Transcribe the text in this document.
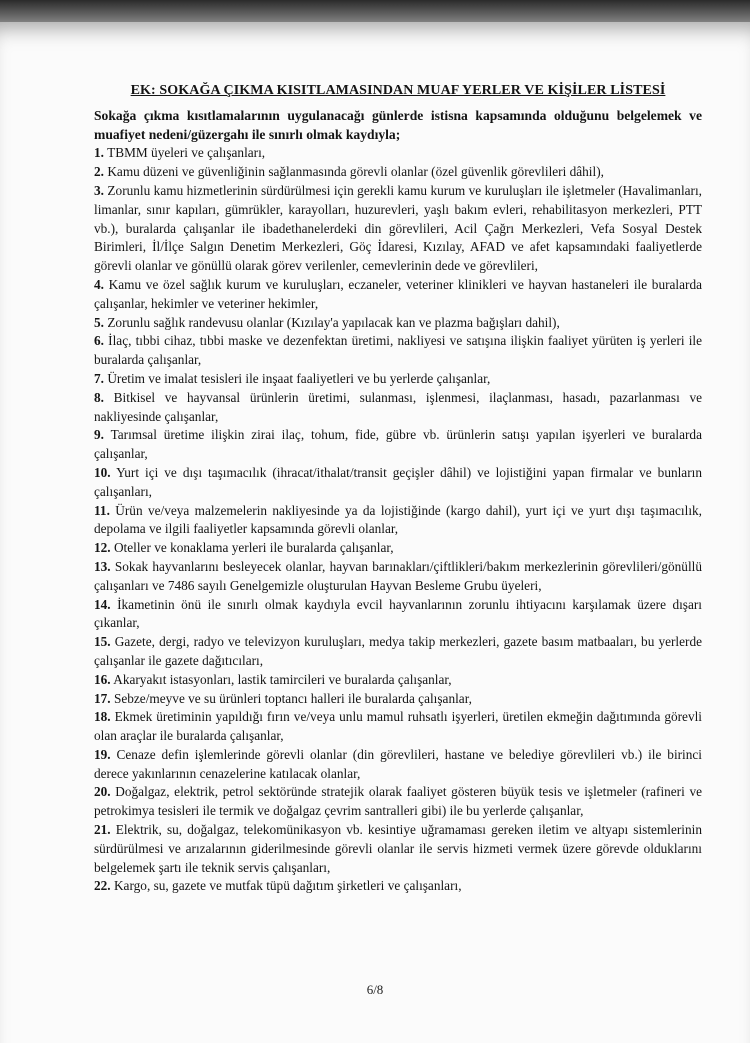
EK: SOKAĞA ÇIKMA KISITLAMASINDAN MUAF YERLER VE KİŞİLER LİSTESİ

Sokağa çıkma kısıtlamalarının uygulanacağı günlerde istisna kapsamında olduğunu belgelemek ve muafiyet nedeni/güzergahı ile sınırlı olmak kaydıyla;

1. TBMM üyeleri ve çalışanları,

2. Kamu düzeni ve güvenliğinin sağlanmasında görevli olanlar (özel güvenlik görevlileri dâhil),

3. Zorunlu kamu hizmetlerinin sürdürülmesi için gerekli kamu kurum ve kuruluşları ile işletmeler (Havalimanları, limanlar, sınır kapıları, gümrükler, karayolları, huzurevleri, yaşlı bakım evleri, rehabilitasyon merkezleri, PTT vb.), buralarda çalışanlar ile ibadethanelerdeki din görevlileri, Acil Çağrı Merkezleri, Vefa Sosyal Destek Birimleri, İl/İlçe Salgın Denetim Merkezleri, Göç İdaresi, Kızılay, AFAD ve afet kapsamındaki faaliyetlerde görevli olanlar ve gönüllü olarak görev verilenler, cemevlerinin dede ve görevlileri,

4. Kamu ve özel sağlık kurum ve kuruluşları, eczaneler, veteriner klinikleri ve hayvan hastaneleri ile buralarda çalışanlar, hekimler ve veteriner hekimler,

5. Zorunlu sağlık randevusu olanlar (Kızılay'a yapılacak kan ve plazma bağışları dahil),

6. İlaç, tıbbi cihaz, tıbbi maske ve dezenfektan üretimi, nakliyesi ve satışına ilişkin faaliyet yürüten iş yerleri ile buralarda çalışanlar,

7. Üretim ve imalat tesisleri ile inşaat faaliyetleri ve bu yerlerde çalışanlar,

8. Bitkisel ve hayvansal ürünlerin üretimi, sulanması, işlenmesi, ilaçlanması, hasadı, pazarlanması ve nakliyesinde çalışanlar,

9. Tarımsal üretime ilişkin zirai ilaç, tohum, fide, gübre vb. ürünlerin satışı yapılan işyerleri ve buralarda çalışanlar,

10. Yurt içi ve dışı taşımacılık (ihracat/ithalat/transit geçişler dâhil) ve lojistiğini yapan firmalar ve bunların çalışanları,

11. Ürün ve/veya malzemelerin nakliyesinde ya da lojistiğinde (kargo dahil), yurt içi ve yurt dışı taşımacılık, depolama ve ilgili faaliyetler kapsamında görevli olanlar,

12. Oteller ve konaklama yerleri ile buralarda çalışanlar,

13. Sokak hayvanlarını besleyecek olanlar, hayvan barınakları/çiftlikleri/bakım merkezlerinin görevlileri/gönüllü çalışanları ve 7486 sayılı Genelgemizle oluşturulan Hayvan Besleme Grubu üyeleri,

14. İkametinin önü ile sınırlı olmak kaydıyla evcil hayvanlarının zorunlu ihtiyacını karşılamak üzere dışarı çıkanlar,

15. Gazete, dergi, radyo ve televizyon kuruluşları, medya takip merkezleri, gazete basım matbaaları, bu yerlerde çalışanlar ile gazete dağıtıcıları,

16. Akaryakıt istasyonları, lastik tamircileri ve buralarda çalışanlar,

17. Sebze/meyve ve su ürünleri toptancı halleri ile buralarda çalışanlar,

18. Ekmek üretiminin yapıldığı fırın ve/veya unlu mamul ruhsatlı işyerleri, üretilen ekmeğin dağıtımında görevli olan araçlar ile buralarda çalışanlar,

19. Cenaze defin işlemlerinde görevli olanlar (din görevlileri, hastane ve belediye görevlileri vb.) ile birinci derece yakınlarının cenazelerine katılacak olanlar,

20. Doğalgaz, elektrik, petrol sektöründe stratejik olarak faaliyet gösteren büyük tesis ve işletmeler (rafineri ve petrokimya tesisleri ile termik ve doğalgaz çevrim santralleri gibi) ile bu yerlerde çalışanlar,

21. Elektrik, su, doğalgaz, telekomünikasyon vb. kesintiye uğramaması gereken iletim ve altyapı sistemlerinin sürdürülmesi ve arızalarının giderilmesinde görevli olanlar ile servis hizmeti vermek üzere görevde olduklarını belgelemek şartı ile teknik servis çalışanları,

22. Kargo, su, gazete ve mutfak tüpü dağıtım şirketleri ve çalışanları,

6/8
